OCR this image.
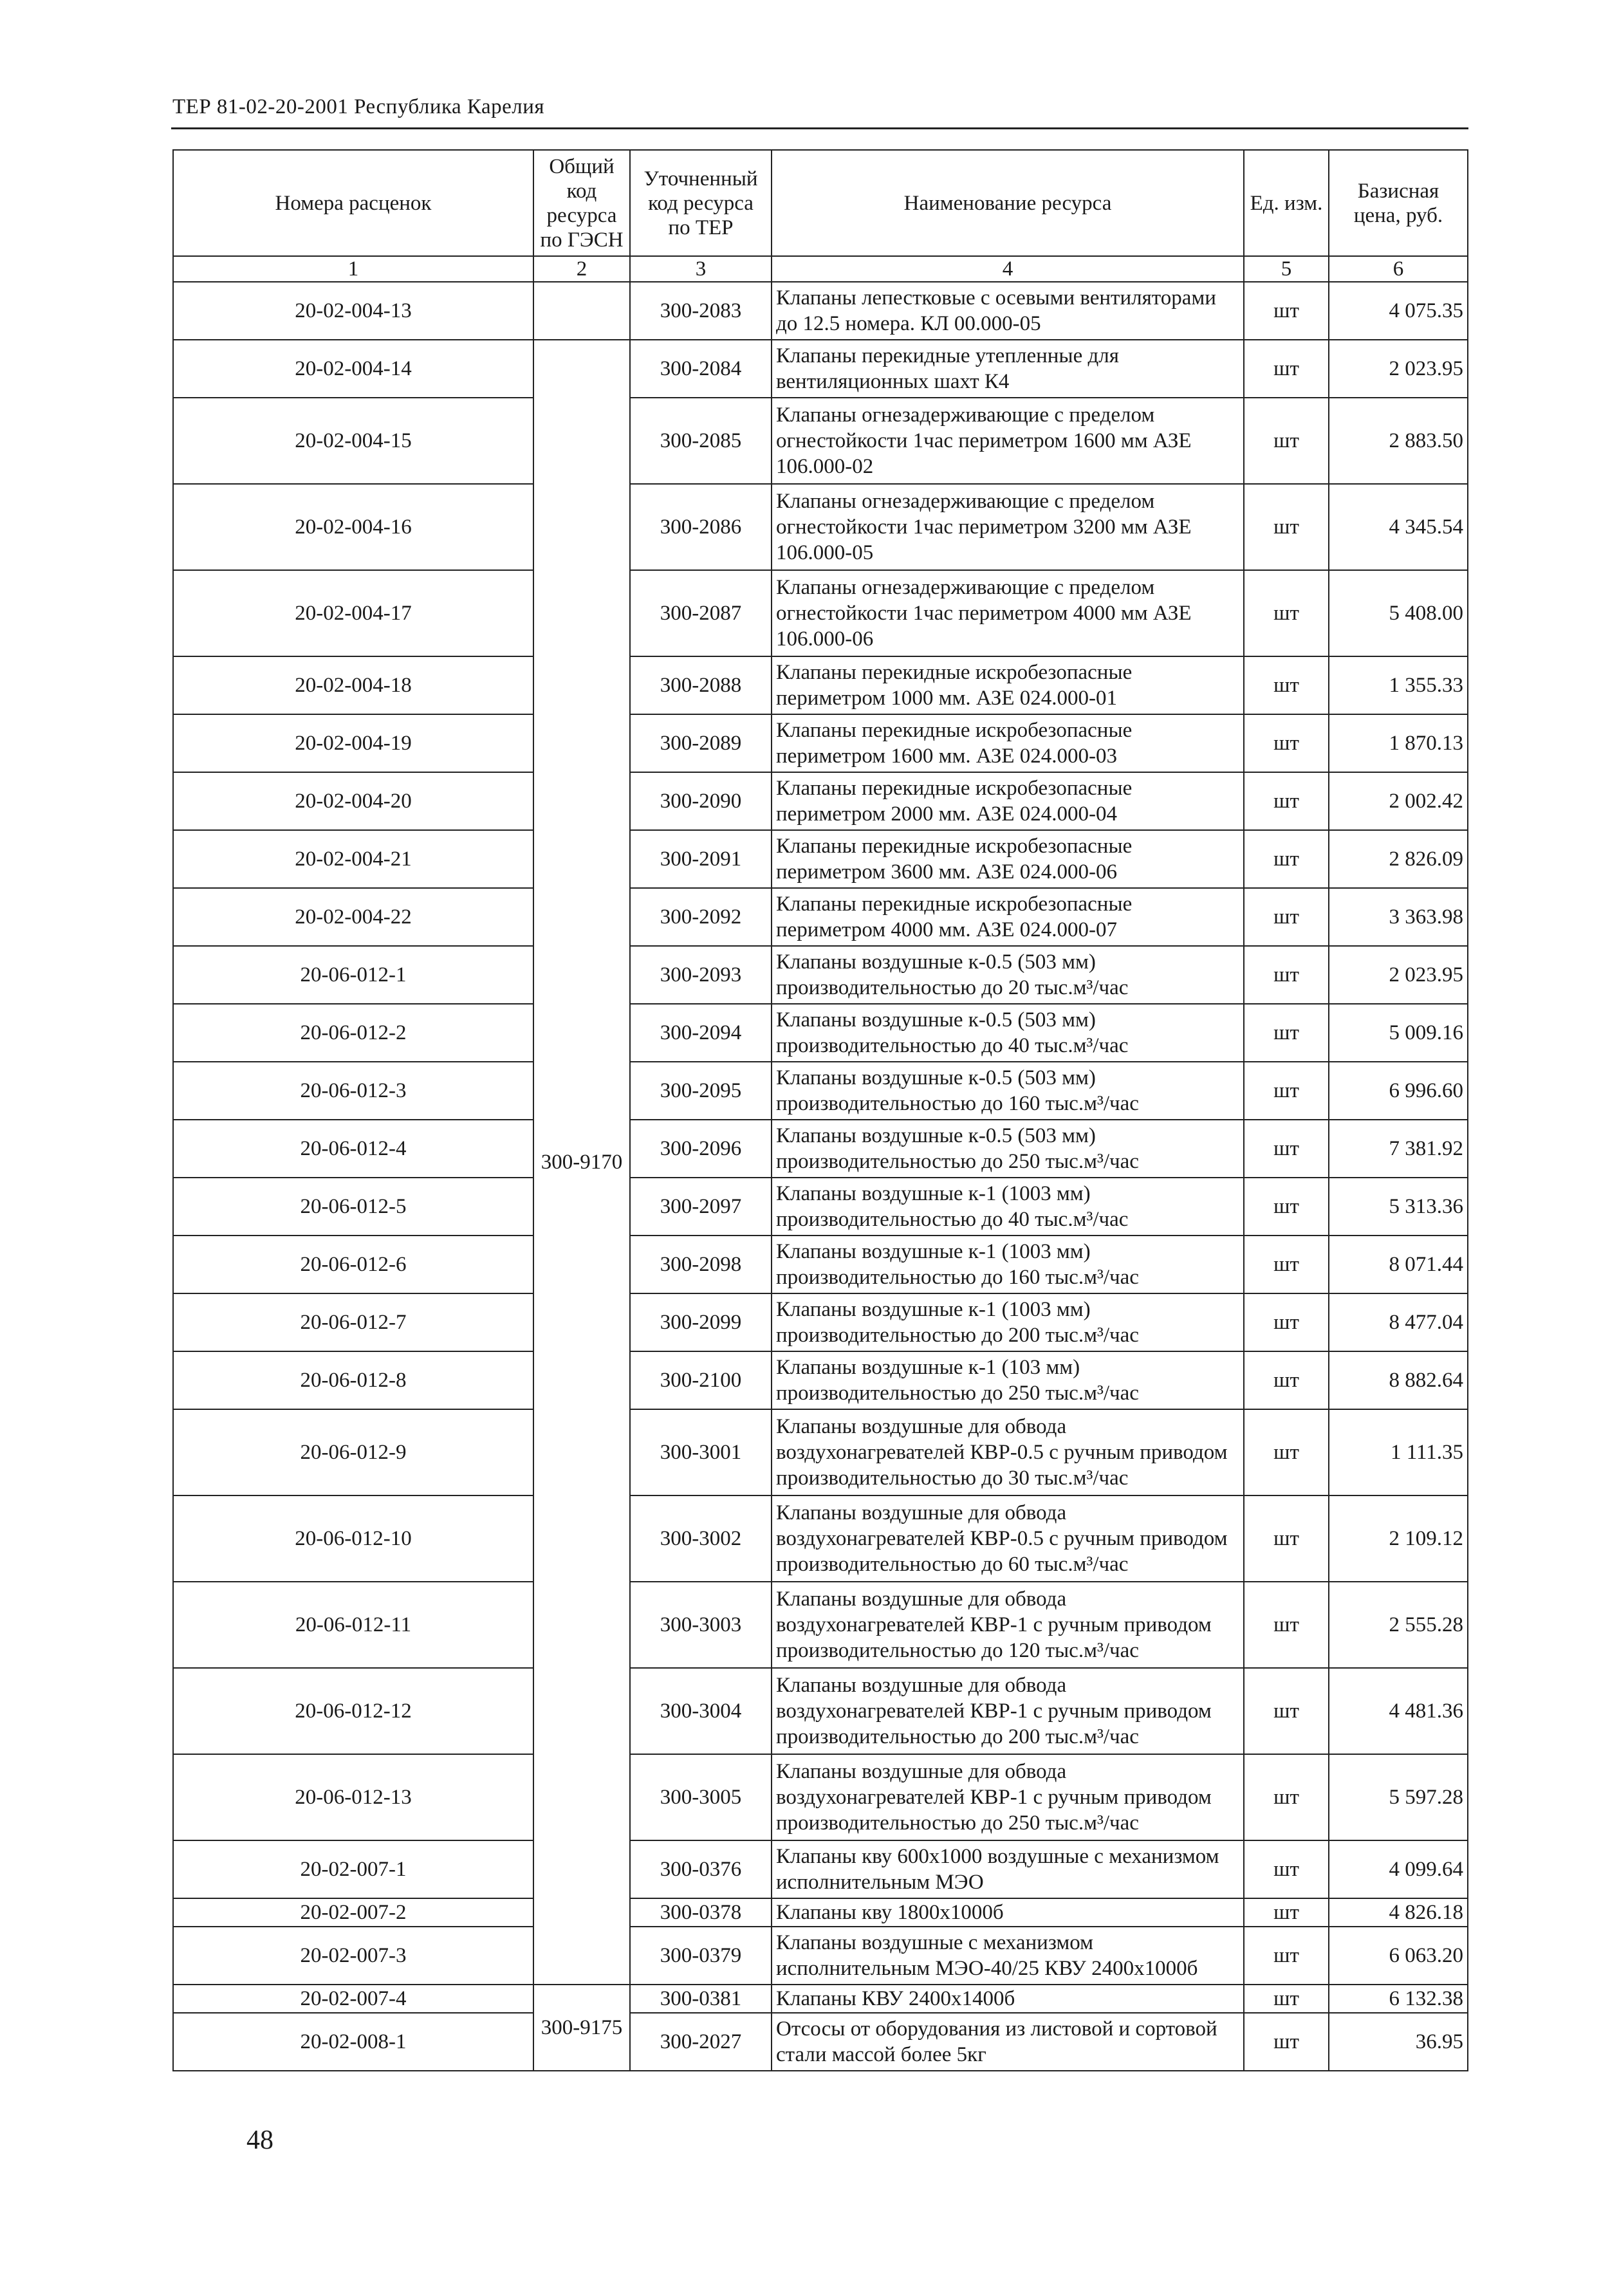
ТЕР 81-02-20-2001 Республика Карелия
Номера расценок	Общий код ресурса по ГЭСН	Уточненный код ресурса по ТЕР	Наименование ресурса	Ед. изм.	Базисная цена, руб.
1	2	3	4	5	6
20-02-004-13		300-2083	Клапаны лепестковые с осевыми вентиляторами до 12.5 номера. КЛ 00.000-05	шт	4 075.35
20-02-004-14	300-9170	300-2084	Клапаны перекидные утепленные для вентиляционных шахт К4	шт	2 023.95
20-02-004-15		300-2085	Клапаны огнезадерживающие с пределом огнестойкости 1час периметром 1600 мм АЗЕ 106.000-02	шт	2 883.50
20-02-004-16		300-2086	Клапаны огнезадерживающие с пределом огнестойкости 1час периметром 3200 мм АЗЕ 106.000-05	шт	4 345.54
20-02-004-17		300-2087	Клапаны огнезадерживающие с пределом огнестойкости 1час периметром 4000 мм АЗЕ 106.000-06	шт	5 408.00
20-02-004-18		300-2088	Клапаны перекидные искробезопасные периметром 1000 мм. АЗЕ 024.000-01	шт	1 355.33
20-02-004-19		300-2089	Клапаны перекидные искробезопасные периметром 1600 мм. АЗЕ 024.000-03	шт	1 870.13
20-02-004-20		300-2090	Клапаны перекидные искробезопасные периметром 2000 мм. АЗЕ 024.000-04	шт	2 002.42
20-02-004-21		300-2091	Клапаны перекидные искробезопасные периметром 3600 мм. АЗЕ 024.000-06	шт	2 826.09
20-02-004-22		300-2092	Клапаны перекидные искробезопасные периметром 4000 мм. АЗЕ 024.000-07	шт	3 363.98
20-06-012-1		300-2093	Клапаны воздушные к-0.5 (503 мм) производительностью до 20 тыс.м³/час	шт	2 023.95
20-06-012-2		300-2094	Клапаны воздушные к-0.5 (503 мм) производительностью до 40 тыс.м³/час	шт	5 009.16
20-06-012-3		300-2095	Клапаны воздушные к-0.5 (503 мм) производительностью до 160 тыс.м³/час	шт	6 996.60
20-06-012-4		300-2096	Клапаны воздушные к-0.5 (503 мм) производительностью до 250 тыс.м³/час	шт	7 381.92
20-06-012-5		300-2097	Клапаны воздушные к-1 (1003 мм) производительностью до 40 тыс.м³/час	шт	5 313.36
20-06-012-6		300-2098	Клапаны воздушные к-1 (1003 мм) производительностью до 160 тыс.м³/час	шт	8 071.44
20-06-012-7		300-2099	Клапаны воздушные к-1 (1003 мм) производительностью до 200 тыс.м³/час	шт	8 477.04
20-06-012-8		300-2100	Клапаны воздушные к-1 (103 мм) производительностью до 250 тыс.м³/час	шт	8 882.64
20-06-012-9		300-3001	Клапаны воздушные для обвода воздухонагревателей КВР-0.5 с ручным приводом производительностью до 30 тыс.м³/час	шт	1 111.35
20-06-012-10		300-3002	Клапаны воздушные для обвода воздухонагревателей КВР-0.5 с ручным приводом производительностью до 60 тыс.м³/час	шт	2 109.12
20-06-012-11		300-3003	Клапаны воздушные для обвода воздухонагревателей КВР-1 с ручным приводом производительностью до 120 тыс.м³/час	шт	2 555.28
20-06-012-12		300-3004	Клапаны воздушные для обвода воздухонагревателей КВР-1 с ручным приводом производительностью до 200 тыс.м³/час	шт	4 481.36
20-06-012-13		300-3005	Клапаны воздушные для обвода воздухонагревателей КВР-1 с ручным приводом производительностью до 250 тыс.м³/час	шт	5 597.28
20-02-007-1		300-0376	Клапаны кву 600х1000 воздушные с механизмом исполнительным МЭО	шт	4 099.64
20-02-007-2		300-0378	Клапаны кву 1800х1000б	шт	4 826.18
20-02-007-3		300-0379	Клапаны воздушные с механизмом исполнительным МЭО-40/25 КВУ 2400х1000б	шт	6 063.20
20-02-007-4	300-9175	300-0381	Клапаны КВУ 2400х1400б	шт	6 132.38
20-02-008-1		300-2027	Отсосы от оборудования из листовой и сортовой стали массой более 5кг	шт	36.95
48
